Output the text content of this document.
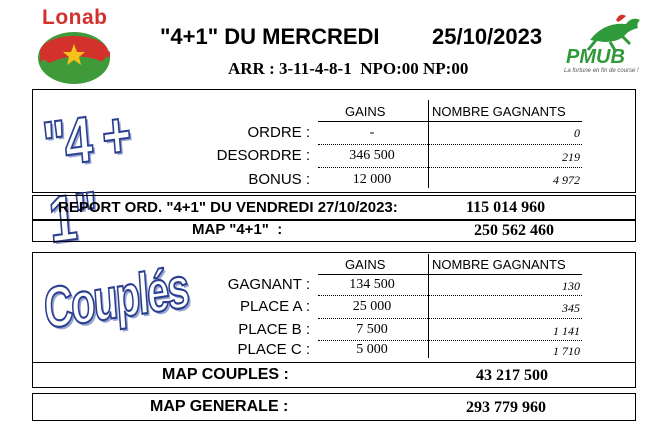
Lonab
"4+1" DU MERCREDI 25/10/2023
ARR : 3-11-4-8-1  NPO:00 NP:00
PMUB
La fortune en fin de course !
"4 + 1"
GAINS	NOMBRE GAGNANTS
ORDRE :	-	0
DESORDRE :	346 500	219
BONUS :	12 000	4 972
REPORT ORD. "4+1" DU VENDREDI 27/10/2023:	115 014 960
MAP "4+1"  :	250 562 460
Couplés	GAINS	NOMBRE GAGNANTS
GAGNANT :	134 500	130
PLACE A :	25 000	345
PLACE B :	7 500	1 141
PLACE C :	5 000	1 710
MAP COUPLES :	43 217 500
MAP GENERALE :	293 779 960
